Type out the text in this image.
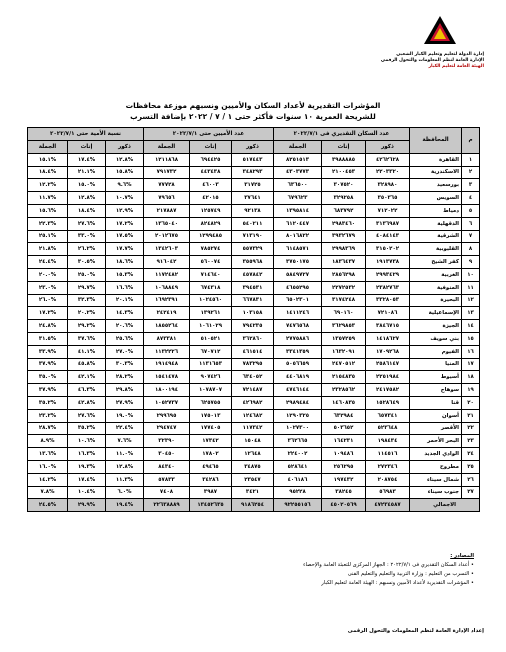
إدارة الدولة لتعليم وتعليم الكبار الشعبي
الإدارة العامة لنظم المعلومات والتحول الرقمي
الهيئة العامة لتعليم الكبار
المؤشرات التقديرية لأعداد السكان والأميين ونسبهم موزعة محافظات
للشريحة العمرية ١٠ سنوات فأكثر حتى ١ / ٧ / ٢٠٢٢ بإضافة التسرب
م	المحافظة	عدد السكان التقديري فى ٢٠٢٢/٧/١			عدد الأميين حتى ٢٠٢٢/٧/١			نسبة الأمية حتى ٢٠٢٢/٧/١		
		ذكور	إناث	الجملة	ذكور	إناث	الجملة	ذكور	إناث	الجملة
١	القاهرة	٤٢٦٢٦٢٨	٣٩٨٨٨٨٥	٨٢٥١٥١٣	٥١٧٤٤٣	٦٩٤٤٢٥	١٢١١٨٦٨	%١٢.٨	%١٧.٤	%١٥.١
٢	الاسكندرية	٢٢٠٣٣٢٠	٢١٠٠٤٥٣	٤٣٠٣٧٧٣	٣٤٨٢٩٣	٤٤٣٤٣٨	٧٩١٧٣٢	%١٥.٨	%٢١.١	%١٨.٤
٣	بورسعيد	٣٢٨٩٨٠	٣٠٧٥٢٠	٦٣٦٥٠٠	٣١٧٢٥	٤٦٠٠٣	٧٧٧٢٨	%٩.٦	%١٥.٠	%١٢.٢
٤	السويس	٣٥٠٣٦٥	٣٢٩٢٥٨	٦٧٩٦٢٣	٣٧٦٤١	٤٢٠١٥	٧٩٦٥٦	%١٠.٧	%١٢.٨	%١١.٧
٥	دمياط	٧١٢٠٢٢	٦٨٣٧٩٢	١٣٩٥٨١٤	٩٢١٣٨	١٢٥٧٤٩	٢١٧٨٨٧	%١٢.٩	%١٨.٤	%١٥.٦
٦	الدقهلية	٣١٣٦٩٨٧	٢٩٨٣٤٦٠	٦١٢٠٤٤٧	٥٤٠٢١١	٨٢٤٨٢٩	١٣٦٥٠٤٠	%١٧.٢	%٢٧.٦	%٢٢.٣
٧	الشرقية	٤٠٨٤١٤٣	٣٩٣٢٦٧٩	٨٠١٦٨٢٢	٧١٣١٩٠	١٢٩٩٤٨٥	٢٠١٢٦٧٥	%١٧.٥	%٣٣.٠	%٢٥.١
٨	القليوبية	٣١٥٠٢٠٢	٢٩٩٨٣٦٩	٦١٤٨٥٧١	٥٥٧٣٢٩	٧٨٥٢٧٤	١٣٤٢٦٠٣	%١٧.٧	%٢٦.٢	%٢١.٨
٩	كفر الشيخ	١٩١٣٧٣٨	١٨٣٦٤٣٧	٣٧٥٠١٧٥	٣٥٥٩٦٨	٥٦٠٠٧٤	٩١٦٠٤٢	%١٨.٦	%٣٠.٥	%٢٤.٤
١٠	الغربية	٢٩٩٣٤٢٩	٢٨٥٦٢٩٨	٥٨٤٩٧٢٧	٤٥٧٨٤٢	٧١٤٦٤٠	١١٧٢٤٨٢	%١٥.٣	%٢٥.٠	%٢٠.٠
١١	المنوفية	٢٣٨٢٧٦٣	٢٢٧٢٥٣٢	٤٦٥٥٢٩٥	٣٩٤٥٣١	٦٧٤٣١٨	١٠٦٨٨٤٩	%١٦.٦	%٢٩.٧	%٢٣.٠
١٢	البحيرة	٣٣٢٨٠٥٣	٣١٧٤٢٤٨	٦٥٠٢٣٠١	٦٦٧٨٣١	١٠٢٤٥٦٠	١٦٩٢٣٩١	%٢٠.١	%٣٢.٣	%٢٦.٠
١٣	الإسماعيلية	٧٢١٠٨٦	٦٩٠١٦٠	١٤١١٢٤٦	١٠٣١٥٨	١٣٩٢٦١	٢٤٢٤١٩	%١٤.٣	%٢٠.٢	%١٧.٢
١٤	الجيزة	٣٨٤٦٧١٥	٣٦٢٩٨٥٣	٧٤٧٦٥٦٨	٧٩٤٢٣٥	١٠٦١٠٢٩	١٨٥٥٢٦٤	%٢٠.٦	%٢٩.٢	%٢٤.٨
١٥	بني سويف	١٤١٨٦٢٧	١٣٥٧٢٥٩	٢٧٧٥٨٨٦	٣٦٢٨٦٠	٥١٠٥٢١	٨٧٣٣٨١	%٢٥.٦	%٣٧.٦	%٣١.٥
١٦	الفيوم	١٧٠٩٢٦٨	١٦٣٢٠٩١	٣٣٤١٣٥٩	٤٦١٥١٤	٦٧٠٧١٢	١١٣٢٢٢٦	%٢٧.٠	%٤١.١	%٣٣.٩
١٧	المنيا	٢٥٨٦١٤٧	٢٤٧٠٥١٢	٥٠٥٦٦٥٩	٧٨٣٢٩٥	١١٣١٦٥٣	١٩١٤٩٤٨	%٣٠.٣	%٤٥.٨	%٣٧.٩
١٨	أسيوط	٢٢٥١٩٨٤	٢١٥٤٨٣٥	٤٤٠٦٨١٩	٦٣٤٠٥٢	٩٠٧٤٢٦	١٥٤١٤٧٨	%٢٨.٢	%٤٢.١	%٣٥.٠
١٩	سوهاج	٢٤١٧٥٨٢	٢٣٢٨٥٦٢	٤٧٤٦١٤٤	٧٢١٤٨٧	١٠٧٨٧٠٧	١٨٠٠١٩٤	%٢٩.٨	%٤٦.٣	%٣٧.٩
٢٠	قنا	١٥٢٨٦٤٩	١٤٦٠٨٣٥	٢٩٨٩٤٨٤	٤٢٦٩٨٢	٦٢٥٧٥٥	١٠٥٢٧٣٧	%٢٧.٩	%٤٢.٨	%٣٥.٢
٢١	أسوان	٦٥٧٣٤١	٦٣٢٩٨٤	١٢٩٠٣٢٥	١٢٤٦٨٢	١٧٥٠١٣	٢٩٩٦٩٥	%١٩.٠	%٢٧.٦	%٢٣.٢
٢٢	الأقصر	٥٢٣٦٤٨	٥٠٣٦٥٢	١٠٢٧٣٠٠	١١٧٣٤٢	١٧٧٤٠٥	٢٩٤٧٤٧	%٢٢.٤	%٣٥.٢	%٢٨.٧
٢٣	البحر الأحمر	١٩٨٤٣٤	١٦٤٢٣١	٣٦٢٦٦٥	١٥٠٤٨	١٧٣٤٢	٣٢٣٩٠	%٧.٦	%١٠.٦	%٨.٩
٢٤	الوادي الجديد	١١٤٥١٦	١٠٩٤٨٦	٢٢٤٠٠٢	١٢٦٤٨	١٧٨٠٢	٣٠٤٥٠	%١١.٠	%١٦.٣	%١٣.٦
٢٥	مطروح	٢٧٢٣٤٦	٢٥٦٢٩٥	٥٢٨٦٤١	٣٤٨٧٥	٤٩٤٦٥	٨٤٣٤٠	%١٢.٨	%١٩.٣	%١٦.٠
٢٦	شمال سيناء	٢٠٨٧٥٤	١٩٧٤٣٢	٤٠٦١٨٦	٢٣٥٤٧	٣٤٢٨٦	٥٧٨٣٣	%١١.٣	%١٧.٤	%١٤.٢
٢٧	جنوب سيناء	٥٦٩٨٣	٣٨٢٤٥	٩٥٢٢٨	٣٤٢١	٣٩٨٧	٧٤٠٨	%٦.٠	%١٠.٤	%٧.٨
الاجمالي		٤٧٢٣٤٥٨٧	٤٥٠٢٠٥٦٩	٩٢٢٥٥١٥٦	٩١٨٦٢٥٤	١٣٤٥٢٦٣٥	٢٢٦٣٨٨٨٩	%١٩.٤	%٢٩.٩	%٢٤.٥
المصادر :
• أعداد السكان التقديري فى ٢٠٢٢/٧/١ : الجهاز المركزى للتعبئة العامة والإحصاء
• التسرب من التعليم : وزارة التربية والتعليم والتعليم الفنى
• المؤشرات التقديرية لأعداد الأميين ونسبهم : الهيئة العامة لتعليم الكبار
إعداد الإدارة العامة لنظم المعلومات والتحول الرقمى
